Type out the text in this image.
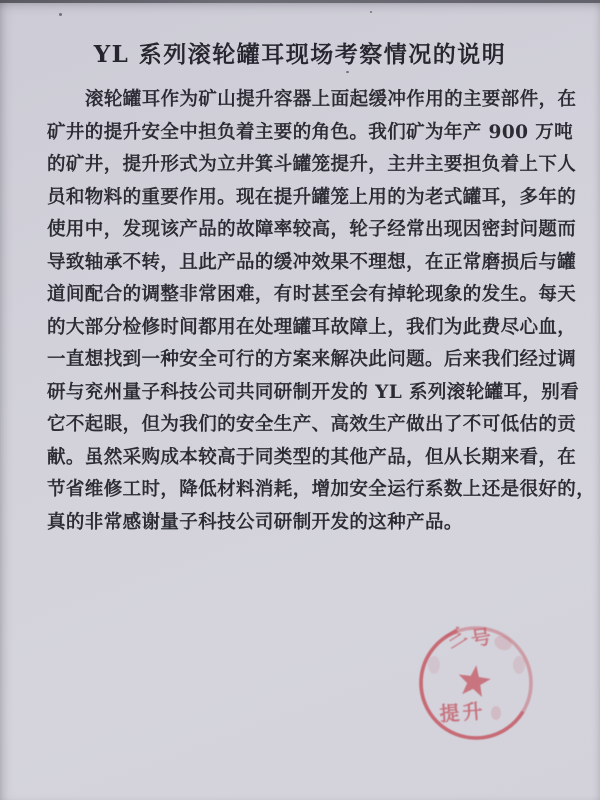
YL 系列滚轮罐耳现场考察情况的说明

滚轮罐耳作为矿山提升容器上面起缓冲作用的主要部件，在

矿井的提升安全中担负着主要的角色。我们矿为年产 900 万吨

的矿井，提升形式为立井箕斗罐笼提升，主井主要担负着上下人

员和物料的重要作用。现在提升罐笼上用的为老式罐耳，多年的

使用中，发现该产品的故障率较高，轮子经常出现因密封问题而

导致轴承不转，且此产品的缓冲效果不理想，在正常磨损后与罐

道间配合的调整非常困难，有时甚至会有掉轮现象的发生。每天

的大部分检修时间都用在处理罐耳故障上，我们为此费尽心血，

一直想找到一种安全可行的方案来解决此问题。后来我们经过调

研与兖州量子科技公司共同研制开发的 YL 系列滚轮罐耳，别看

它不起眼，但为我们的安全生产、高效生产做出了不可低估的贡

献。虽然采购成本较高于同类型的其他产品，但从长期来看，在

节省维修工时，降低材料消耗，增加安全运行系数上还是很好的，

真的非常感谢量子科技公司研制开发的这种产品。

三
号
提升
